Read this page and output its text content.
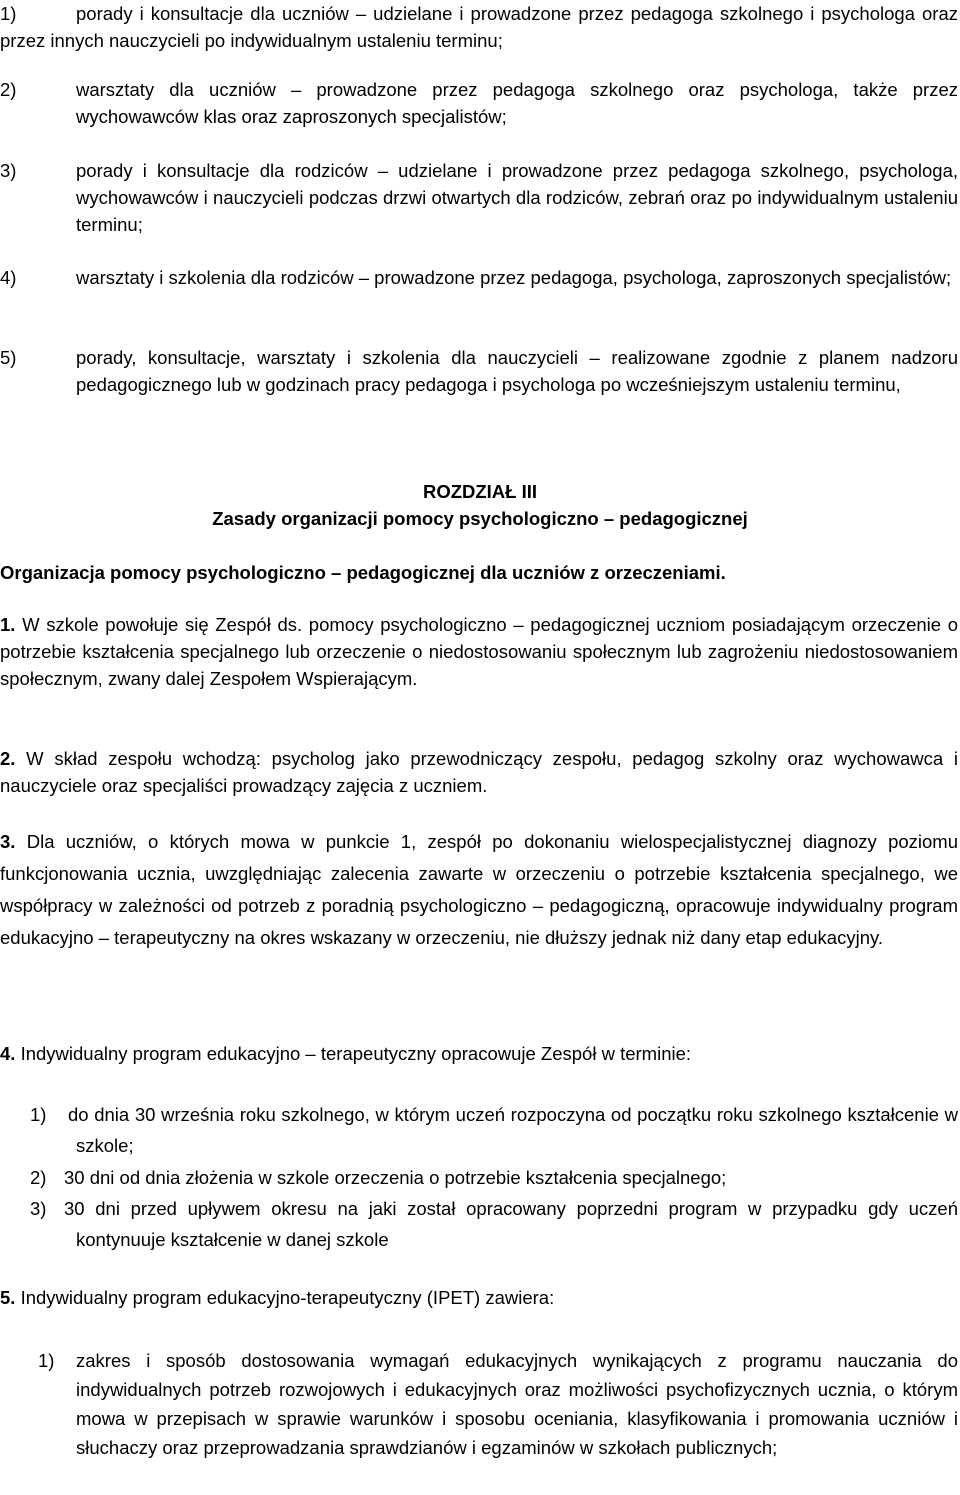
1)	porady i konsultacje dla uczniów – udzielane i prowadzone przez pedagoga szkolnego i psychologa oraz przez innych nauczycieli po indywidualnym ustaleniu terminu;
2)	warsztaty dla uczniów – prowadzone przez pedagoga szkolnego oraz psychologa, także przez wychowawców klas oraz zaproszonych specjalistów;
3)	porady i konsultacje dla rodziców – udzielane i prowadzone przez pedagoga szkolnego, psychologa, wychowawców i nauczycieli podczas drzwi otwartych dla rodziców, zebrań oraz po indywidualnym ustaleniu terminu;
4)	warsztaty i szkolenia dla rodziców – prowadzone przez pedagoga, psychologa, zaproszonych specjalistów;
5)	porady, konsultacje, warsztaty i szkolenia dla nauczycieli – realizowane zgodnie z planem nadzoru pedagogicznego lub w godzinach pracy pedagoga i psychologa po wcześniejszym ustaleniu terminu,
ROZDZIAŁ III
Zasady organizacji pomocy psychologiczno – pedagogicznej
Organizacja pomocy psychologiczno – pedagogicznej dla uczniów z orzeczeniami.
1. W szkole powołuje się Zespół ds. pomocy psychologiczno – pedagogicznej uczniom posiadającym orzeczenie o potrzebie kształcenia specjalnego lub orzeczenie o niedostosowaniu społecznym lub zagrożeniu niedostosowaniem społecznym, zwany dalej Zespołem Wspierającym.
2. W skład zespołu wchodzą: psycholog jako przewodniczący zespołu, pedagog szkolny oraz wychowawca i nauczyciele oraz specjaliści prowadzący zajęcia z uczniem.
3. Dla uczniów, o których mowa w punkcie 1, zespół po dokonaniu wielospecjalistycznej diagnozy poziomu funkcjonowania ucznia, uwzględniając zalecenia zawarte w orzeczeniu o potrzebie kształcenia specjalnego, we współpracy w zależności od potrzeb z poradnią psychologiczno – pedagogiczną, opracowuje indywidualny program edukacyjno – terapeutyczny na okres wskazany w orzeczeniu, nie dłuższy jednak niż dany etap edukacyjny.
4. Indywidualny program edukacyjno – terapeutyczny opracowuje Zespół w terminie:
1) do dnia 30 września roku szkolnego, w którym uczeń rozpoczyna od początku roku szkolnego kształcenie w szkole;
2) 30 dni od dnia złożenia w szkole orzeczenia o potrzebie kształcenia specjalnego;
3) 30 dni przed upływem okresu na jaki został opracowany poprzedni program w przypadku gdy uczeń kontynuuje kształcenie w danej szkole
5. Indywidualny program edukacyjno-terapeutyczny (IPET) zawiera:
1) zakres i sposób dostosowania wymagań edukacyjnych wynikających z programu nauczania do indywidualnych potrzeb rozwojowych i edukacyjnych oraz możliwości psychofizycznych ucznia, o którym mowa w przepisach w sprawie warunków i sposobu oceniania, klasyfikowania i promowania uczniów i słuchaczy oraz przeprowadzania sprawdzianów i egzaminów w szkołach publicznych;
